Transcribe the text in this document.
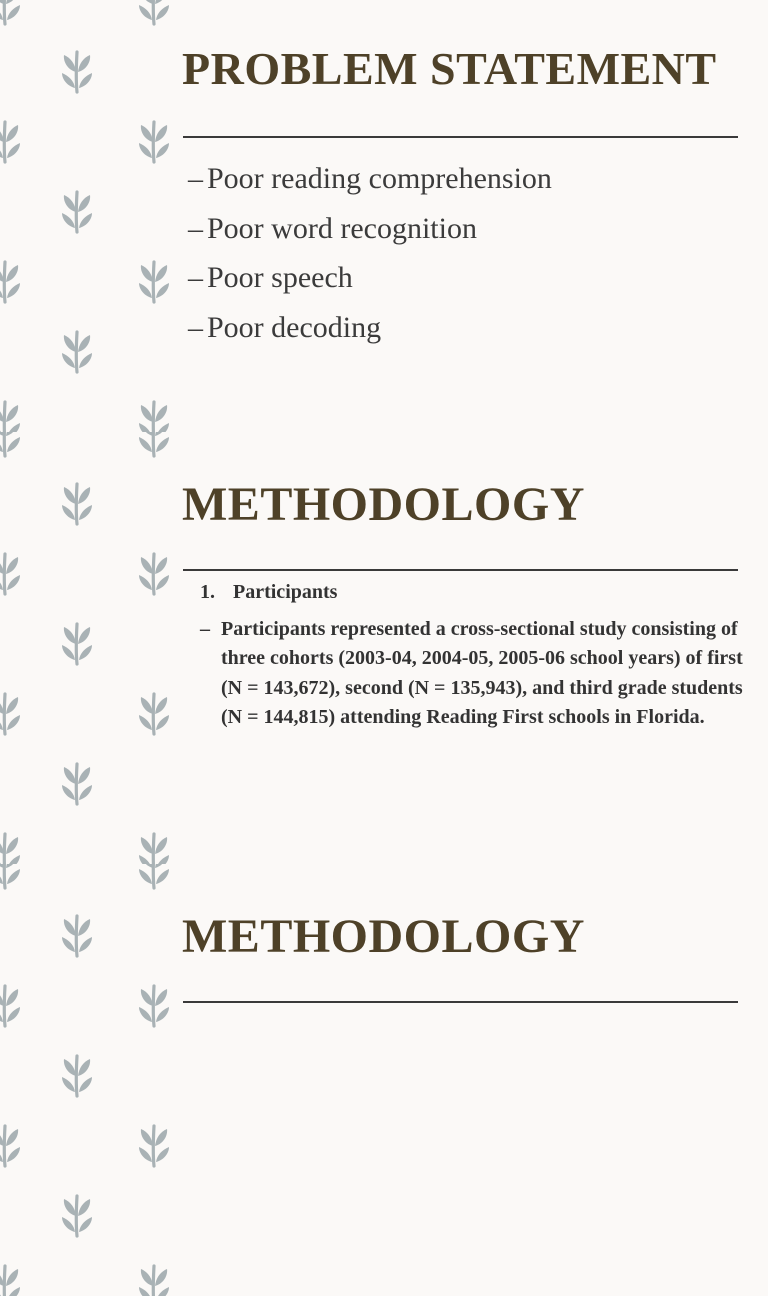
PROBLEM STATEMENT
– Poor reading comprehension
– Poor word recognition
– Poor speech
– Poor decoding
METHODOLOGY

1. Participants

– Participants represented a cross-sectional study consisting of three cohorts (2003-04, 2004-05, 2005-06 school years) of first (N = 143,672), second (N = 135,943), and third grade students (N = 144,815) attending Reading First schools in Florida.

METHODOLOGY
